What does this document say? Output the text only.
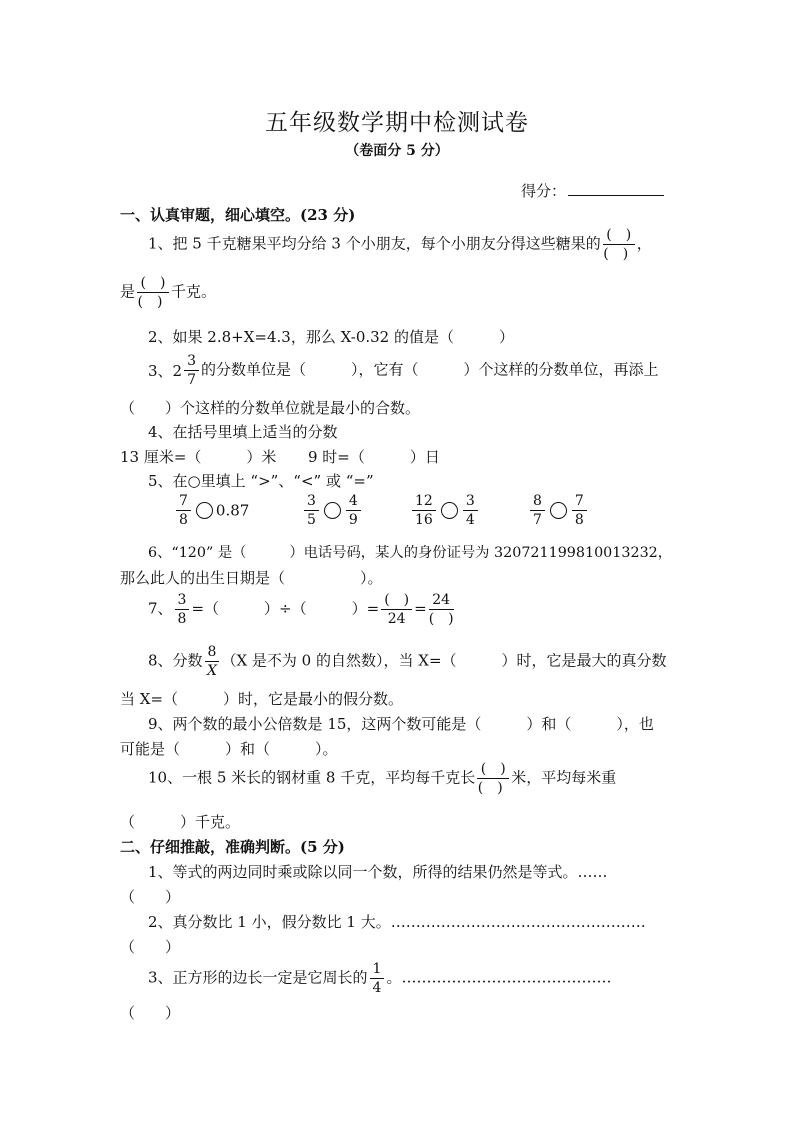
五年级数学期中检测试卷
（卷面分 5 分）
得分：
一、认真审题，细心填空。(23 分)
1、把 5 千克糖果平均分给 3 个小朋友，每个小朋友分得这些糖果的 $\frac{( )}{( )}$ ，
是 $\frac{( )}{( )}$ 千克。
2、如果 2.8+X=4.3，那么 X-0.32 的值是（　　　）
3、$2 \frac{3}{7}$ 的分数单位是（　　　），它有（　　　）个这样的分数单位，再添上
（　　）个这样的分数单位就是最小的合数。
4、在括号里填上适当的分数
13 厘米=（　　　）米 9 时=（　　　）日
5、在○里填上 “>”、“<” 或 “=”
$\frac{7}{8} 0.87$	$\frac{3}{5} \frac{4}{9}$	$\frac{12}{16} \frac{3}{4}$	$\frac{8}{7} \frac{7}{8}$
6、“120” 是（　　　）电话号码，某人的身份证号为 320721199810013232，
那么此人的出生日期是（　　　　　）。
7、 $\frac{3}{8}$ =（　　　）÷（　　　）= $\frac{( )}{24} = \frac{24}{( )}$
8、分数 $\frac{8}{X} (X$ 是不为 0 的自然数），当 X=（　　　）时，它是最大的真分数
当 X=（　　　）时，它是最小的假分数。
9、两个数的最小公倍数是 15，这两个数可能是（　　　）和（　　　），也
可能是（　　　）和（　　　）。
10、一根 5 米长的钢材重 8 千克，平均每千克长 $\frac{( )}{( )}$ 米，平均每米重
（　　　）千克。
二、仔细推敲，准确判断。(5 分)
1、等式的两边同时乘或除以同一个数，所得的结果仍然是等式。……
（　　）
2、真分数比 1 小，假分数比 1 大。……………………………………………
（　　）
3、正方形的边长一定是它周长的 $\frac{1}{4}$ 。……………………………………
（　　）
